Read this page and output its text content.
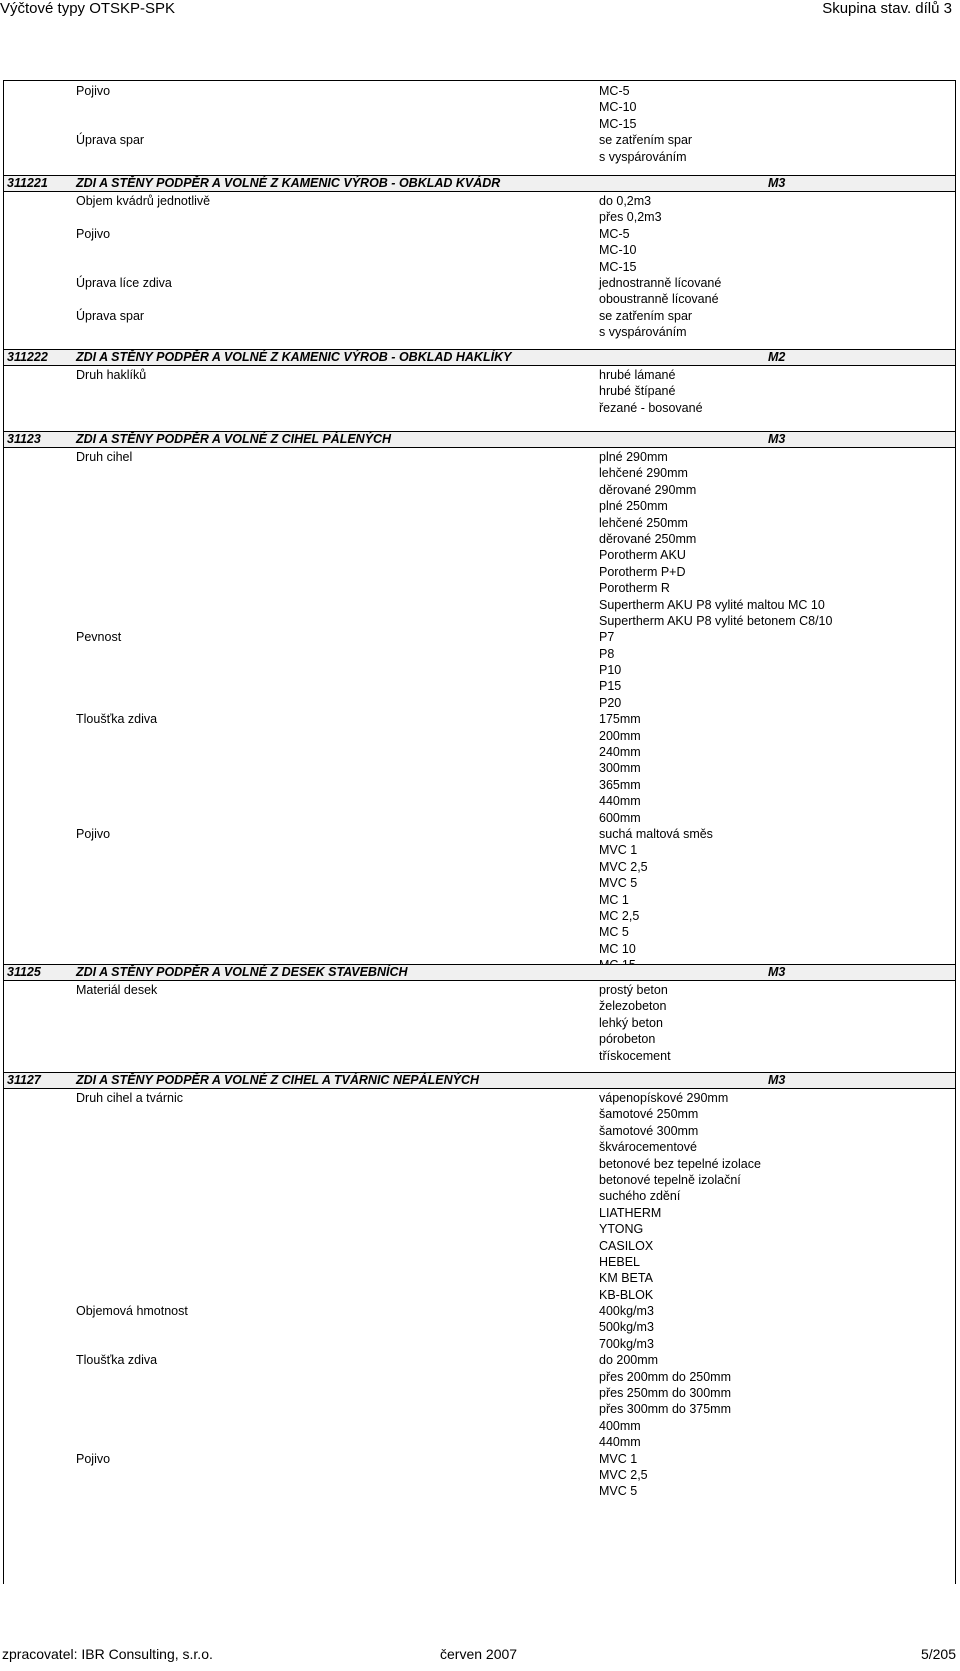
Výčtové typy OTSKP-SPK	Skupina stav. dílů 3
Pojivo	MC-5
MC-10
MC-15
Úprava spar	se zatřením spar
s vyspárováním
311221 ZDI A STĚNY PODPĚR A VOLNÉ Z KAMENIC VÝROB - OBKLAD KVÁDR	M3
Objem kvádrů jednotlivě	do 0,2m3
přes 0,2m3
Pojivo	MC-5
MC-10
MC-15
Úprava líce zdiva	jednostranně lícované
oboustranně lícované
Úprava spar	se zatřením spar
s vyspárováním
311222 ZDI A STĚNY PODPĚR A VOLNÉ Z KAMENIC VÝROB - OBKLAD HAKLÍKY	M2
Druh haklíků	hrubé lámané
hrubé štípané
řezané - bosované
31123	ZDI A STĚNY PODPĚR A VOLNÉ Z CIHEL PÁLENÝCH	M3
Druh cihel	plné 290mm
lehčené 290mm
děrované 290mm
plné 250mm
lehčené 250mm
děrované 250mm
Porotherm AKU
Porotherm P+D
Porotherm R
Supertherm AKU P8 vylité maltou MC 10
Supertherm AKU P8 vylité betonem C8/10
Pevnost	P7
P8
P10
P15
P20
Tloušťka zdiva	175mm
200mm
240mm
300mm
365mm
440mm
600mm
Pojivo	suchá maltová směs
MVC 1
MVC 2,5
MVC 5
MC 1
MC 2,5
MC 5
MC 10
31125	ZDI A STĚNY PODPĚR A VOLNÉ Z DESEK STAVEBNÍCH	M3
Materiál desek	prostý beton
železobeton
lehký beton
pórobeton
třískocement
31127	ZDI A STĚNY PODPĚR A VOLNÉ Z CIHEL A TVÁRNIC NEPÁLENÝCH	M3
Druh cihel a tvárnic	vápenopískové 290mm
šamotové 250mm
šamotové 300mm
škvárocementové
betonové bez tepelné izolace
betonové tepelně izolační
suchého zdění
LIATHERM
YTONG
CASILOX
HEBEL
KM BETA
KB-BLOK
Objemová hmotnost	400kg/m3
500kg/m3
700kg/m3
Tloušťka zdiva	do 200mm
přes 200mm do 250mm
přes 250mm do 300mm
přes 300mm do 375mm
400mm
440mm
Pojivo	MVC 1
MVC 2,5
MVC 5
zpracovatel: IBR Consulting, s.r.o.	červen 2007	5/205
